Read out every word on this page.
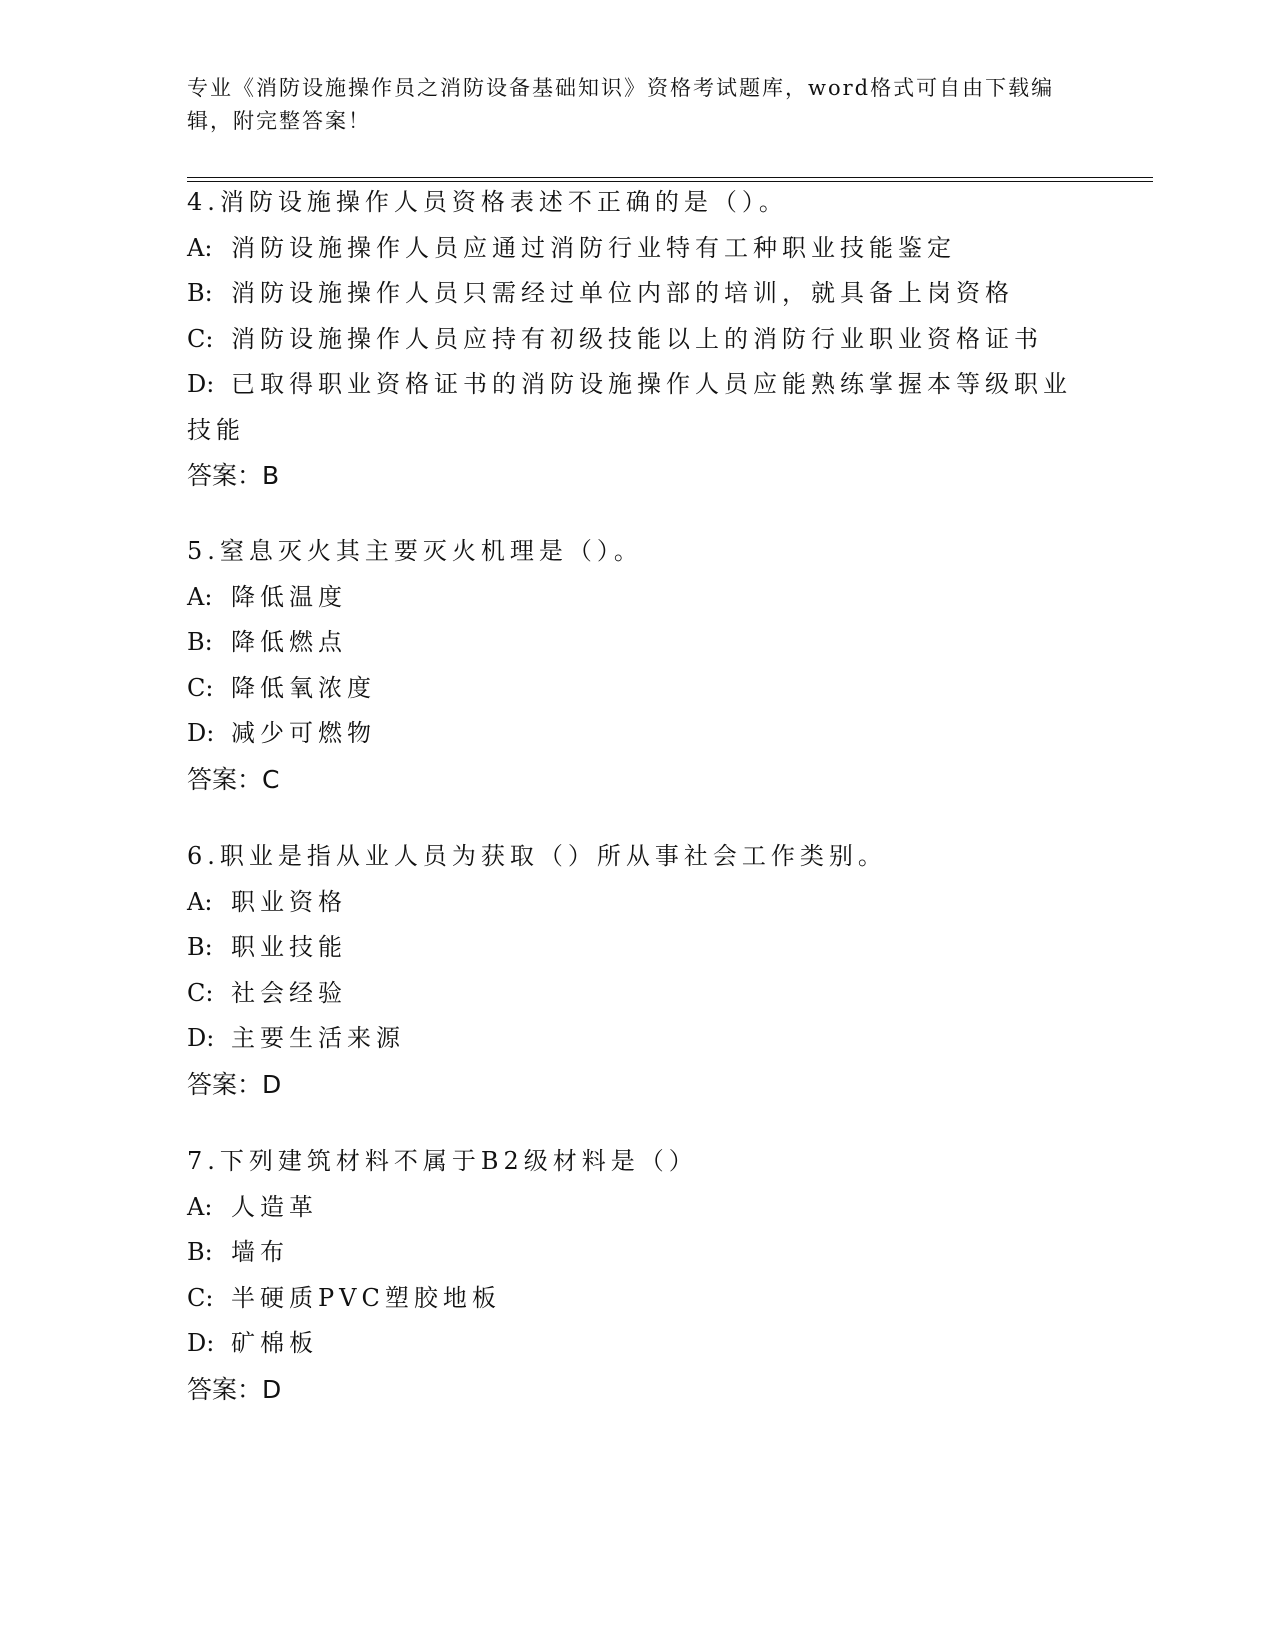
专业《消防设施操作员之消防设备基础知识》资格考试题库，word格式可自由下载编辑，附完整答案！
4.消防设施操作人员资格表述不正确的是（）。
A: 消防设施操作人员应通过消防行业特有工种职业技能鉴定
B: 消防设施操作人员只需经过单位内部的培训，就具备上岗资格
C: 消防设施操作人员应持有初级技能以上的消防行业职业资格证书
D: 已取得职业资格证书的消防设施操作人员应能熟练掌握本等级职业
技能
答案：B
5.窒息灭火其主要灭火机理是（）。
A: 降低温度
B: 降低燃点
C: 降低氧浓度
D: 减少可燃物
答案：C
6.职业是指从业人员为获取（）所从事社会工作类别。
A: 职业资格
B: 职业技能
C: 社会经验
D: 主要生活来源
答案：D
7.下列建筑材料不属于B2级材料是（）
A: 人造革
B: 墙布
C: 半硬质PVC塑胶地板
D: 矿棉板
答案：D
